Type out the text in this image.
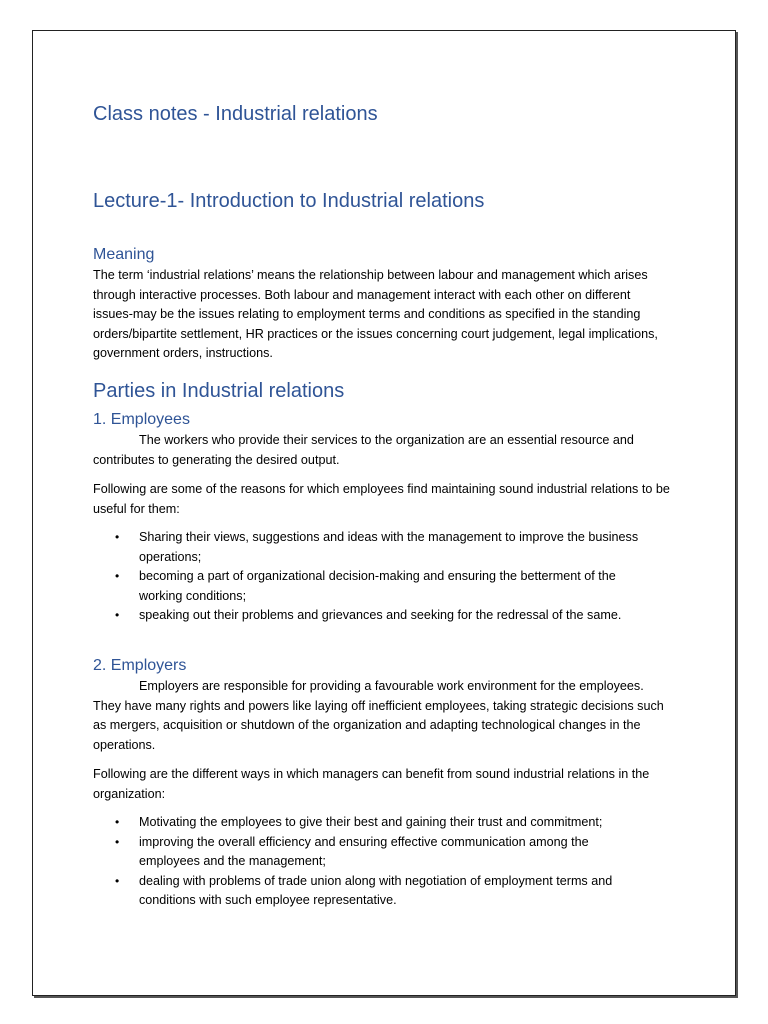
Class notes - Industrial relations
Lecture-1- Introduction to Industrial relations
Meaning
The term ‘industrial relations’ means the relationship between labour and management which arises through interactive processes. Both labour and management interact with each other on different issues-may be the issues relating to employment terms and conditions as specified in the standing orders/bipartite settlement, HR practices or the issues concerning court judgement, legal implications, government orders, instructions.
Parties in Industrial relations
1. Employees
The workers who provide their services to the organization are an essential resource and contributes to generating the desired output.
Following are some of the reasons for which employees find maintaining sound industrial relations to be useful for them:
• Sharing their views, suggestions and ideas with the management to improve the business operations;
• becoming a part of organizational decision-making and ensuring the betterment of the working conditions;
• speaking out their problems and grievances and seeking for the redressal of the same.
2. Employers
Employers are responsible for providing a favourable work environment for the employees. They have many rights and powers like laying off inefficient employees, taking strategic decisions such as mergers, acquisition or shutdown of the organization and adapting technological changes in the operations.
Following are the different ways in which managers can benefit from sound industrial relations in the organization:
• Motivating the employees to give their best and gaining their trust and commitment;
• improving the overall efficiency and ensuring effective communication among the employees and the management;
• dealing with problems of trade union along with negotiation of employment terms and conditions with such employee representative.
